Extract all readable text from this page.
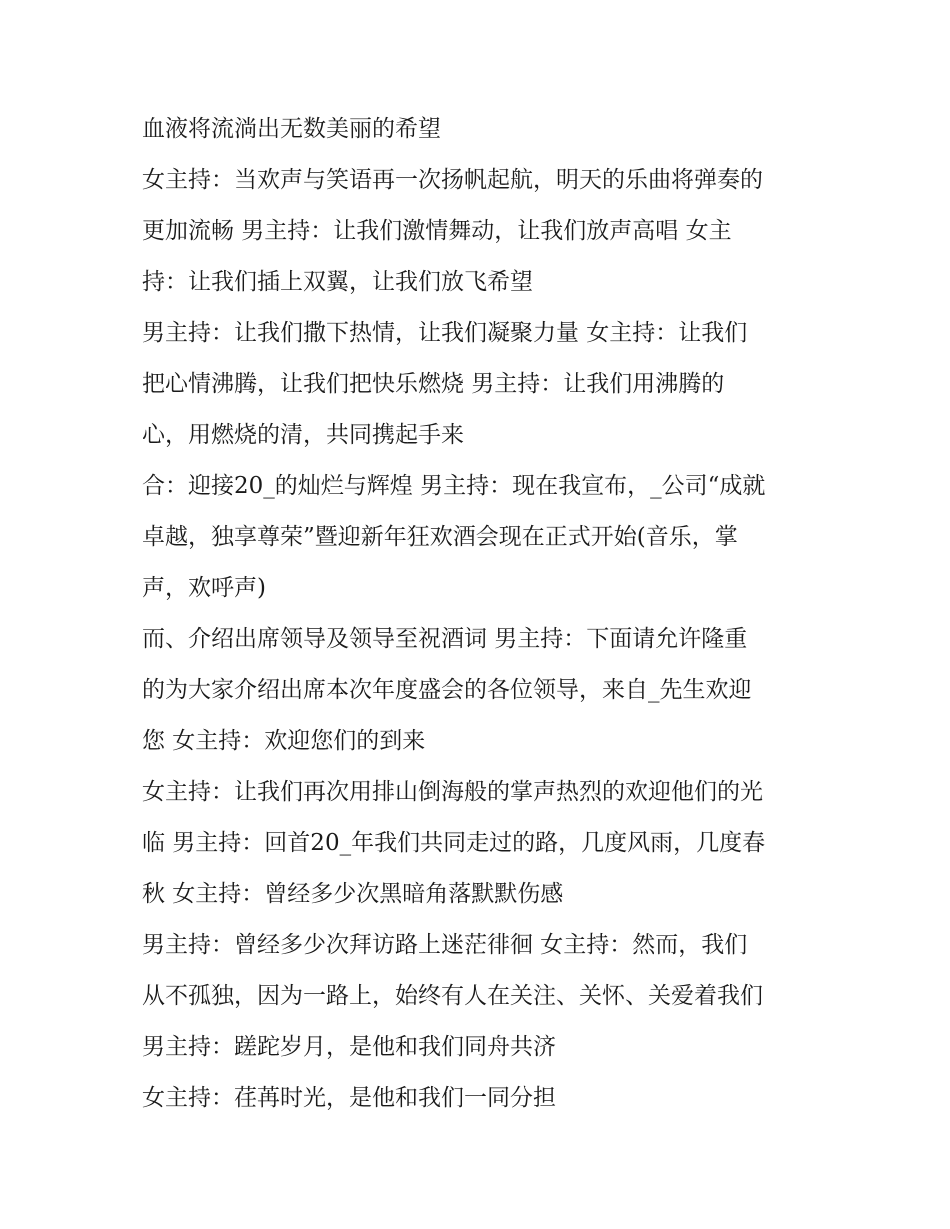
血液将流淌出无数美丽的希望
女主持：当欢声与笑语再一次扬帆起航，明天的乐曲将弹奏的
更加流畅 男主持：让我们激情舞动，让我们放声高唱 女主
持：让我们插上双翼，让我们放飞希望
男主持：让我们撒下热情，让我们凝聚力量 女主持：让我们
把心情沸腾，让我们把快乐燃烧 男主持：让我们用沸腾的
心，用燃烧的清，共同携起手来
合：迎接20_的灿烂与辉煌 男主持：现在我宣布，_公司“成就
卓越，独享尊荣”暨迎新年狂欢酒会现在正式开始(音乐，掌
声，欢呼声)
而、介绍出席领导及领导至祝酒词 男主持：下面请允许隆重
的为大家介绍出席本次年度盛会的各位领导，来自_先生欢迎
您 女主持：欢迎您们的到来
女主持：让我们再次用排山倒海般的掌声热烈的欢迎他们的光
临 男主持：回首20_年我们共同走过的路，几度风雨，几度春
秋 女主持：曾经多少次黑暗角落默默伤感
男主持：曾经多少次拜访路上迷茫徘徊 女主持：然而，我们
从不孤独，因为一路上，始终有人在关注、关怀、关爱着我们
男主持：蹉跎岁月，是他和我们同舟共济
女主持：荏苒时光，是他和我们一同分担
